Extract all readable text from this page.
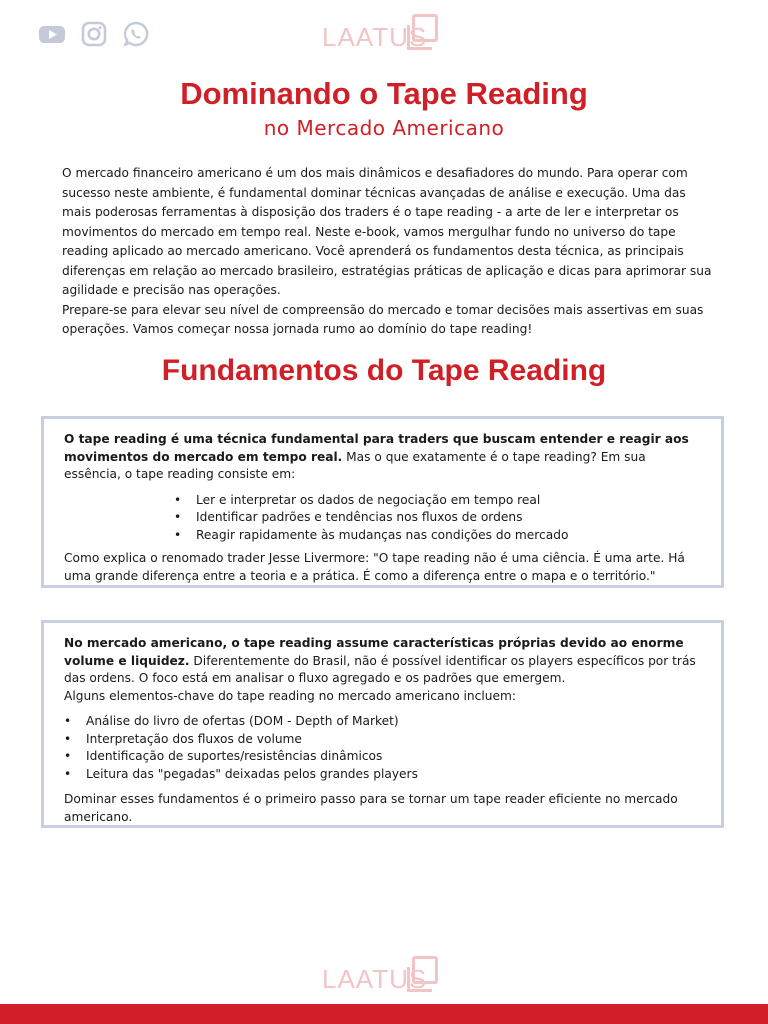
LAATUS
Dominando o Tape Reading
no Mercado Americano

O mercado financeiro americano é um dos mais dinâmicos e desafiadores do mundo. Para operar com sucesso neste ambiente, é fundamental dominar técnicas avançadas de análise e execução. Uma das mais poderosas ferramentas à disposição dos traders é o tape reading - a arte de ler e interpretar os movimentos do mercado em tempo real. Neste e-book, vamos mergulhar fundo no universo do tape reading aplicado ao mercado americano. Você aprenderá os fundamentos desta técnica, as principais diferenças em relação ao mercado brasileiro, estratégias práticas de aplicação e dicas para aprimorar sua agilidade e precisão nas operações.

Prepare-se para elevar seu nível de compreensão do mercado e tomar decisões mais assertivas em suas operações. Vamos começar nossa jornada rumo ao domínio do tape reading!

Fundamentos do Tape Reading

O tape reading é uma técnica fundamental para traders que buscam entender e reagir aos movimentos do mercado em tempo real. Mas o que exatamente é o tape reading? Em sua essência, o tape reading consiste em:

• Ler e interpretar os dados de negociação em tempo real
• Identificar padrões e tendências nos fluxos de ordens
• Reagir rapidamente às mudanças nas condições do mercado

Como explica o renomado trader Jesse Livermore: "O tape reading não é uma ciência. É uma arte. Há uma grande diferença entre a teoria e a prática. É como a diferença entre o mapa e o território."

No mercado americano, o tape reading assume características próprias devido ao enorme volume e liquidez. Diferentemente do Brasil, não é possível identificar os players específicos por trás das ordens. O foco está em analisar o fluxo agregado e os padrões que emergem.

Alguns elementos-chave do tape reading no mercado americano incluem:

• Análise do livro de ofertas (DOM - Depth of Market)
• Interpretação dos fluxos de volume
• Identificação de suportes/resistências dinâmicos
• Leitura das "pegadas" deixadas pelos grandes players

Dominar esses fundamentos é o primeiro passo para se tornar um tape reader eficiente no mercado americano.

LAATUS
